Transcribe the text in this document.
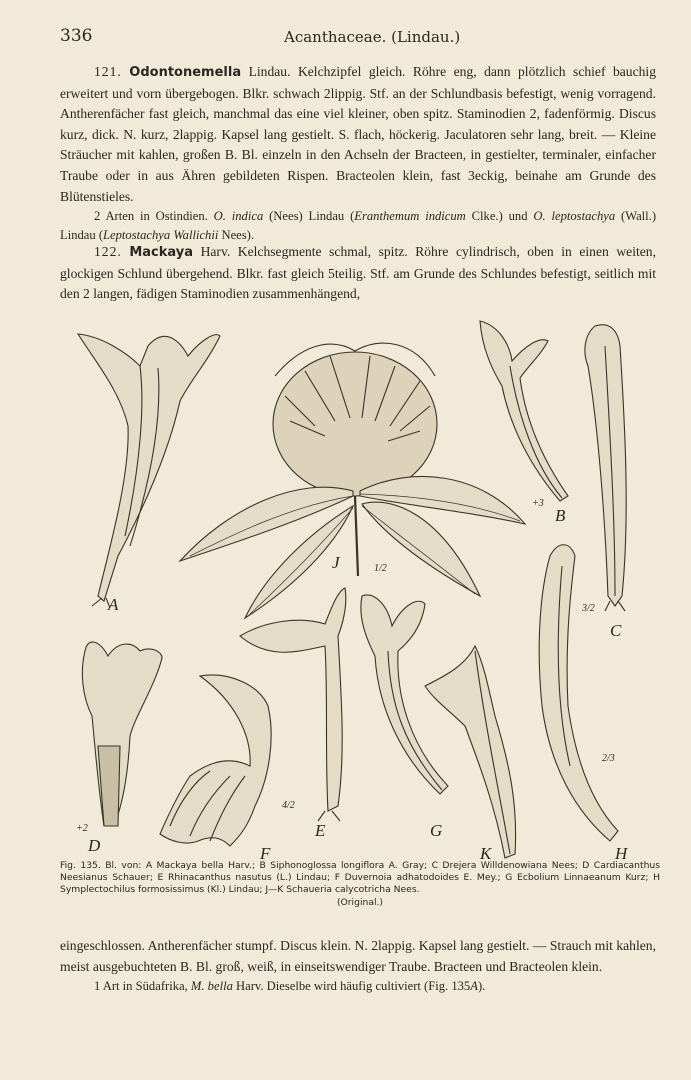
336	Acanthaceae. (Lindau.)

121. Odontonemella Lindau. Kelchzipfel gleich. Röhre eng, dann plötzlich schief bauchig erweitert und vorn übergebogen. Blkr. schwach 2lippig. Stf. an der Schlundbasis befestigt, wenig vorragend. Antherenfächer fast gleich, manchmal das eine viel kleiner, oben spitz. Staminodien 2, fadenförmig. Discus kurz, dick. N. kurz, 2lappig. Kapsel lang gestielt. S. flach, höckerig. Jaculatoren sehr lang, breit. — Kleine Sträucher mit kahlen, großen B. Bl. einzeln in den Achseln der Bracteen, in gestielter, terminaler, einfacher Traube oder in aus Ähren gebildeten Rispen. Bracteolen klein, fast 3eckig, beinahe am Grunde des Blütenstieles.

2 Arten in Ostindien. O. indica (Nees) Lindau (Eranthemum indicum Clke.) und O. leptostachya (Wall.) Lindau (Leptostachya Wallichii Nees).

122. Mackaya Harv. Kelchsegmente schmal, spitz. Röhre cylindrisch, oben in einen weiten, glockigen Schlund übergehend. Blkr. fast gleich 5teilig. Stf. am Grunde des Schlundes befestigt, seitlich mit den 2 langen, fädigen Staminodien zusammenhängend,

A
B
C
D
E
F
G
H
J
K
+3
3/2
1/2
+2
4/2
2/3
Fig. 135. Bl. von: A Mackaya bella Harv.; B Siphonoglossa longiflora A. Gray; C Drejera Willdenowiana Nees; D Cardiacanthus Neesianus Schauer; E Rhinacanthus nasutus (L.) Lindau; F Duvernoia adhatodoides E. Mey.; G Ecbolium Linnaeanum Kurz; H Symplectochilus formosissimus (Kl.) Lindau; J—K Schaueria calycotricha Nees.
(Original.)

eingeschlossen. Antherenfächer stumpf. Discus klein. N. 2lappig. Kapsel lang gestielt. — Strauch mit kahlen, meist ausgebuchteten B. Bl. groß, weiß, in einseitswendiger Traube. Bracteen und Bracteolen klein.

1 Art in Südafrika, M. bella Harv. Dieselbe wird häufig cultiviert (Fig. 135A).
